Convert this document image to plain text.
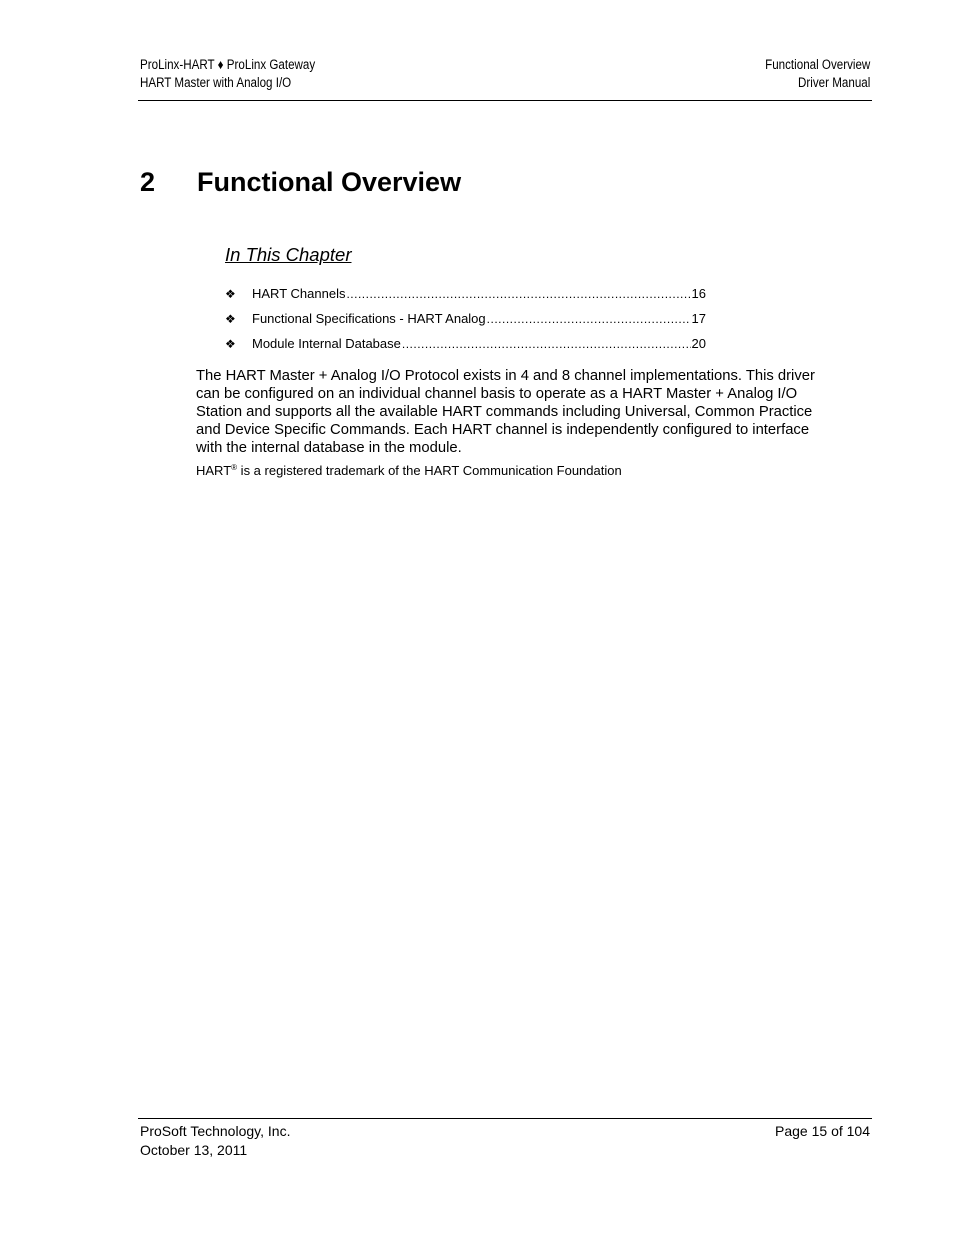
ProLinx-HART ♦ ProLinx Gateway
HART Master with Analog I/O
Functional Overview
Driver Manual
2 Functional Overview
In This Chapter
❖	HART Channels .....	16
❖	Functional Specifications - HART Analog .....	17
❖	Module Internal Database .....	20

The HART Master + Analog I/O Protocol exists in 4 and 8 channel implementations. This driver can be configured on an individual channel basis to operate as a HART Master + Analog I/O Station and supports all the available HART commands including Universal, Common Practice and Device Specific Commands. Each HART channel is independently configured to interface with the internal database in the module.

HART® is a registered trademark of the HART Communication Foundation
ProSoft Technology, Inc.
October 13, 2011
Page 15 of 104
